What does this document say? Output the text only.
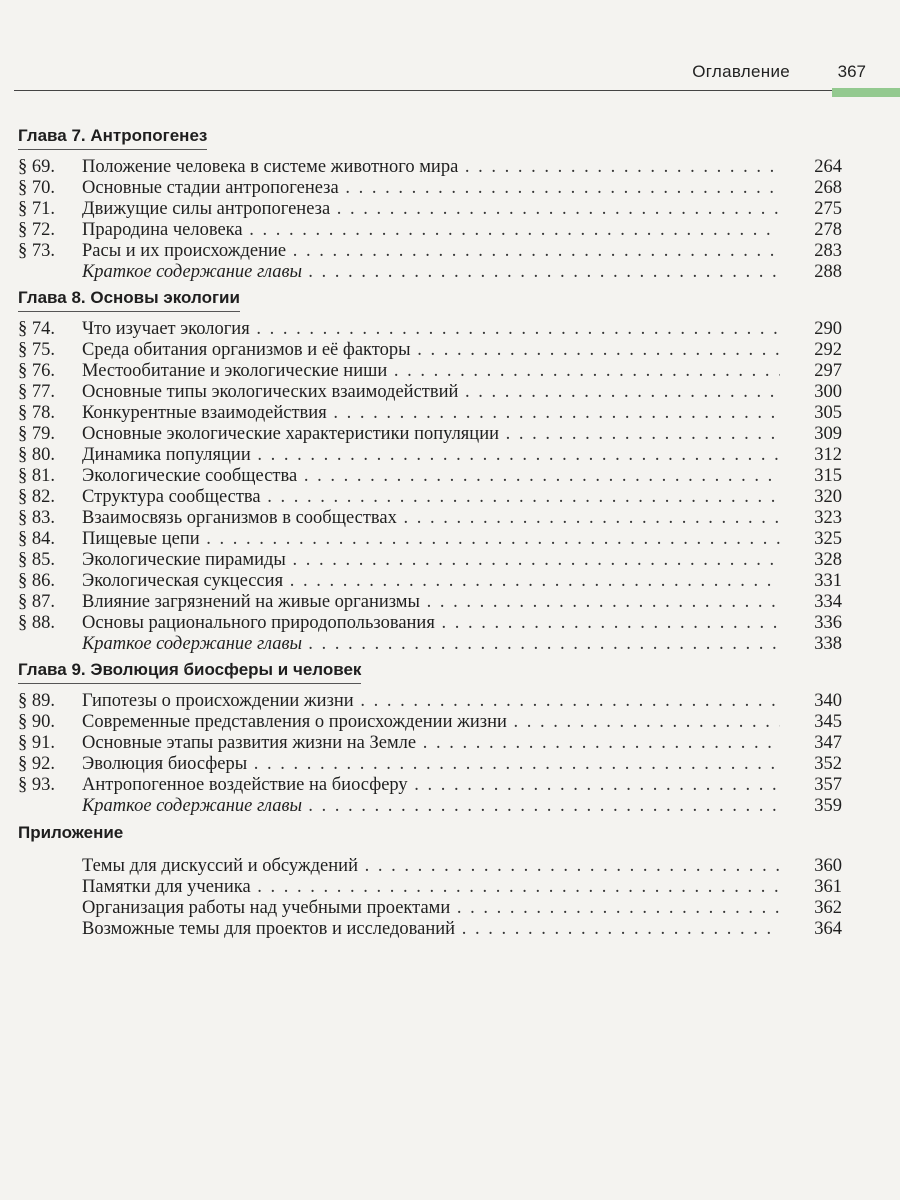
Оглавление	367
Глава 7. Антропогенез
§ 69.	Положение человека в системе животного мира . . .	264
§ 70.	Основные стадии антропогенеза . . .	268
§ 71.	Движущие силы антропогенеза . . .	275
§ 72.	Прародина человека . . .	278
§ 73.	Расы и их происхождение . . .	283
Краткое содержание главы . . .	288
Глава 8. Основы экологии
§ 74.	Что изучает экология . . .	290
§ 75.	Среда обитания организмов и её факторы . . .	292
§ 76.	Местообитание и экологические ниши . . .	297
§ 77.	Основные типы экологических взаимодействий . . .	300
§ 78.	Конкурентные взаимодействия . . .	305
§ 79.	Основные экологические характеристики популяции . . .	309
§ 80.	Динамика популяции . . .	312
§ 81.	Экологические сообщества . . .	315
§ 82.	Структура сообщества . . .	320
§ 83.	Взаимосвязь организмов в сообществах . . .	323
§ 84.	Пищевые цепи . . .	325
§ 85.	Экологические пирамиды . . .	328
§ 86.	Экологическая сукцессия . . .	331
§ 87.	Влияние загрязнений на живые организмы . . .	334
§ 88.	Основы рационального природопользования . . .	336
Краткое содержание главы . . .	338
Глава 9. Эволюция биосферы и человек
§ 89.	Гипотезы о происхождении жизни . . .	340
§ 90.	Современные представления о происхождении жизни . . .	345
§ 91.	Основные этапы развития жизни на Земле . . .	347
§ 92.	Эволюция биосферы . . .	352
§ 93.	Антропогенное воздействие на биосферу . . .	357
Краткое содержание главы . . .	359
Приложение
Темы для дискуссий и обсуждений . . .	360
Памятки для ученика . . .	361
Организация работы над учебными проектами . . .	362
Возможные темы для проектов и исследований . . .	364
